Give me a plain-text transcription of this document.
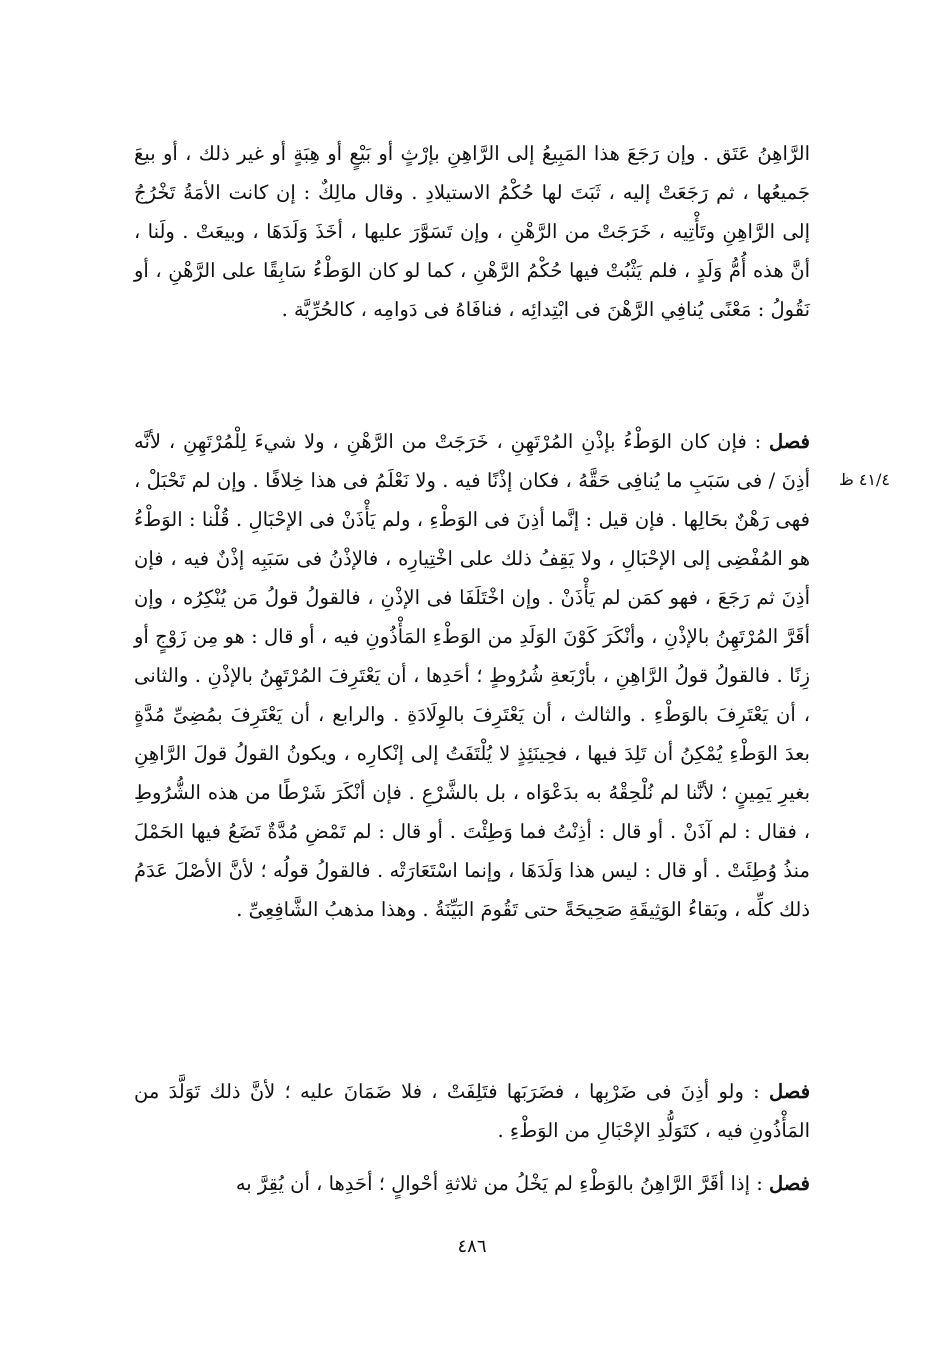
الرَّاهِنُ عَتَق . وإن رَجَعَ هذا المَبِيعُ إلى الرَّاهِنِ بإرْثٍ أو بَيْعٍ أو هِبَةٍ أو غير ذلك ، أو بيعَ جَميعُها ، ثم رَجَعَتْ إليه ، ثَبَتَ لها حُكْمُ الاستيلادِ . وقال مالِكٌ : إن كانت الأمَةُ تَخْرُجُ إلى الرَّاهِنِ وتَأْتِيه ، خَرَجَتْ من الرَّهْنِ ، وإن تَسَوَّرَ عليها ، أخَذَ وَلَدَهَا ، وبيعَتْ . ولَنا ، أنَّ هذه أُمُّ وَلَدٍ ، فلم يَثْبُتْ فيها حُكْمُ الرَّهْنِ ، كما لو كان الوَطْءُ سَابِقًا على الرَّهْنِ ، أو نَقُولُ : مَعْنًى يُنافِي الرَّهْنَ فى ابْتِدائِه ، فنافَاهُ فى دَوامِه ، كالحُرِّيَّة .

فصل : فإن كان الوَطْءُ بإذْنِ المُرْتَهِنِ ، خَرَجَتْ من الرَّهْنِ ، ولا شيءَ لِلْمُرْتَهِنِ ، لأنَّه أذِنَ / فى سَبَبِ ما يُنافِى حَقَّهُ ، فكان إذْنًا فيه . ولا نَعْلَمُ فى هذا خِلافًا . وإن لم تَحْبَلْ ، فهى رَهْنٌ بحَالِها . فإن قيل : إنَّما أذِنَ فى الوَطْءِ ، ولم يَأْذَنْ فى الإحْبَالِ . قُلْنا : الوَطْءُ هو المُفْضِى إلى الإحْبَالِ ، ولا يَقِفُ ذلك على اخْتِيارِه ، فالإذْنُ فى سَبَبِه إذْنٌ فيه ، فإن أذِنَ ثم رَجَعَ ، فهو كمَن لم يَأْذَنْ . وإن اخْتَلَفَا فى الإذْنِ ، فالقولُ قولُ مَن يُنْكِرُه ، وإن أقَرَّ المُرْتَهِنُ بالإذْنِ ، وأنْكَرَ كَوْنَ الوَلَدِ من الوَطْءِ المَأْذُونِ فيه ، أو قال : هو مِن زَوْجٍ أو زِنًا . فالقولُ قولُ الرَّاهِنِ ، بأرْبَعةِ شُرُوطٍ ؛ أحَدِها ، أن يَعْتَرِفَ المُرْتَهِنُ بالإذْنِ . والثانى ، أن يَعْتَرِفَ بالوَطْءِ . والثالث ، أن يَعْتَرِفَ بالوِلَادَةِ . والرابع ، أن يَعْتَرِفَ بمُضِىِّ مُدَّةٍ بعدَ الوَطْءِ يُمْكِنُ أن تَلِدَ فيها ، فحِينَئِذٍ لا يُلْتَفَتُ إلى إنْكارِه ، ويكونُ القولُ قولَ الرَّاهِنِ بغيرِ يَمِينٍ ؛ لأنَّنا لم نُلْحِقْهُ به بدَعْوَاه ، بل بالشَّرْعِ . فإن أنْكَرَ شَرْطًا من هذه الشُّرُوطِ ، فقال : لم آذَنْ . أو قال : أذِنْتُ فما وَطِئْتَ . أو قال : لم تَمْضِ مُدَّةٌ تَضَعُ فيها الحَمْلَ منذُ وُطِئَتْ . أو قال : ليس هذا وَلَدَهَا ، وإنما اسْتَعَارَتْه . فالقولُ قولُه ؛ لأنَّ الأصْلَ عَدَمُ ذلك كلِّه ، وبَقاءُ الوَثِيقَةِ صَحِيحَةً حتى تَقُومَ البَيِّنَةُ . وهذا مذهبُ الشَّافِعِىِّ .

فصل : ولو أذِنَ فى ضَرْبِها ، فضَرَبَها فتَلِفَتْ ، فلا ضَمَانَ عليه ؛ لأنَّ ذلك تَوَلَّدَ من المَأْذُونِ فيه ، كتَوَلُّدِ الإحْبَالِ من الوَطْءِ .

فصل : إذا أقَرَّ الرَّاهِنُ بالوَطْءِ لم يَخْلُ من ثلاثةِ أحْوالٍ ؛ أحَدِها ، أن يُقِرَّ به

٤١/٤ ظ
٤٨٦
